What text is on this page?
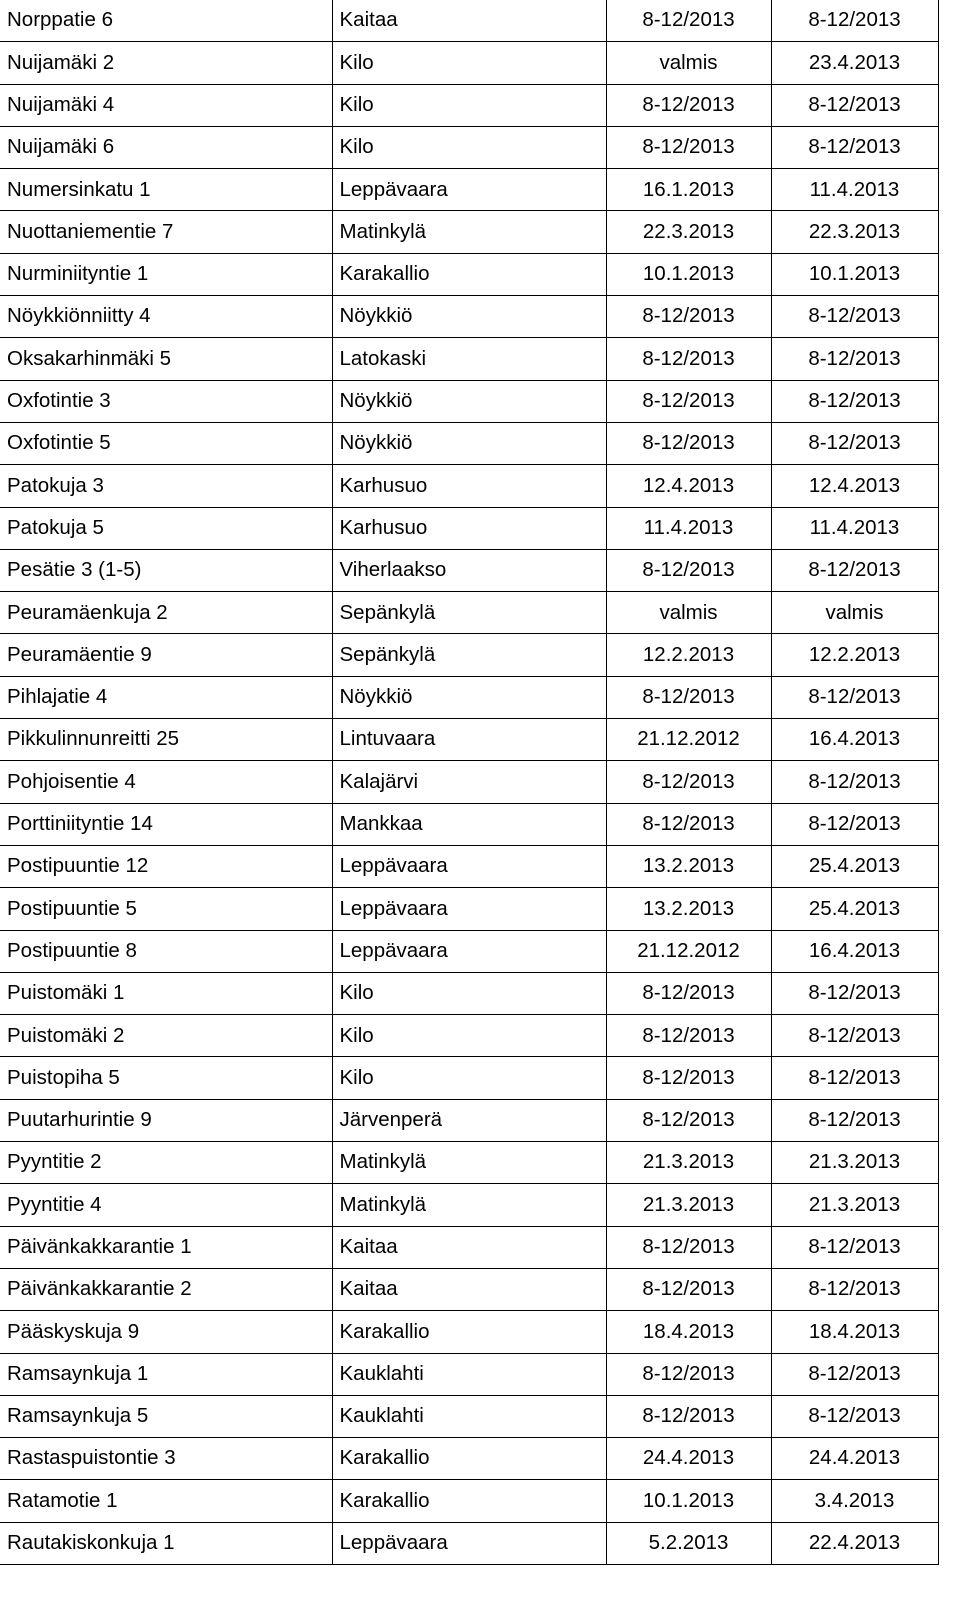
Norppatie 6	Kaitaa	8-12/2013	8-12/2013
Nuijamäki 2	Kilo	valmis	23.4.2013
Nuijamäki 4	Kilo	8-12/2013	8-12/2013
Nuijamäki 6	Kilo	8-12/2013	8-12/2013
Numersinkatu 1	Leppävaara	16.1.2013	11.4.2013
Nuottaniementie 7	Matinkylä	22.3.2013	22.3.2013
Nurminiityntie 1	Karakallio	10.1.2013	10.1.2013
Nöykkiönniitty 4	Nöykkiö	8-12/2013	8-12/2013
Oksakarhinmäki 5	Latokaski	8-12/2013	8-12/2013
Oxfotintie 3	Nöykkiö	8-12/2013	8-12/2013
Oxfotintie 5	Nöykkiö	8-12/2013	8-12/2013
Patokuja 3	Karhusuo	12.4.2013	12.4.2013
Patokuja 5	Karhusuo	11.4.2013	11.4.2013
Pesätie 3 (1-5)	Viherlaakso	8-12/2013	8-12/2013
Peuramäenkuja 2	Sepänkylä	valmis	valmis
Peuramäentie 9	Sepänkylä	12.2.2013	12.2.2013
Pihlajatie 4	Nöykkiö	8-12/2013	8-12/2013
Pikkulinnunreitti 25	Lintuvaara	21.12.2012	16.4.2013
Pohjoisentie 4	Kalajärvi	8-12/2013	8-12/2013
Porttiniityntie 14	Mankkaa	8-12/2013	8-12/2013
Postipuuntie 12	Leppävaara	13.2.2013	25.4.2013
Postipuuntie 5	Leppävaara	13.2.2013	25.4.2013
Postipuuntie 8	Leppävaara	21.12.2012	16.4.2013
Puistomäki 1	Kilo	8-12/2013	8-12/2013
Puistomäki 2	Kilo	8-12/2013	8-12/2013
Puistopiha 5	Kilo	8-12/2013	8-12/2013
Puutarhurintie 9	Järvenperä	8-12/2013	8-12/2013
Pyyntitie 2	Matinkylä	21.3.2013	21.3.2013
Pyyntitie 4	Matinkylä	21.3.2013	21.3.2013
Päivänkakkarantie 1	Kaitaa	8-12/2013	8-12/2013
Päivänkakkarantie 2	Kaitaa	8-12/2013	8-12/2013
Pääskyskuja 9	Karakallio	18.4.2013	18.4.2013
Ramsaynkuja 1	Kauklahti	8-12/2013	8-12/2013
Ramsaynkuja 5	Kauklahti	8-12/2013	8-12/2013
Rastaspuistontie 3	Karakallio	24.4.2013	24.4.2013
Ratamotie 1	Karakallio	10.1.2013	3.4.2013
Rautakiskonkuja 1	Leppävaara	5.2.2013	22.4.2013
